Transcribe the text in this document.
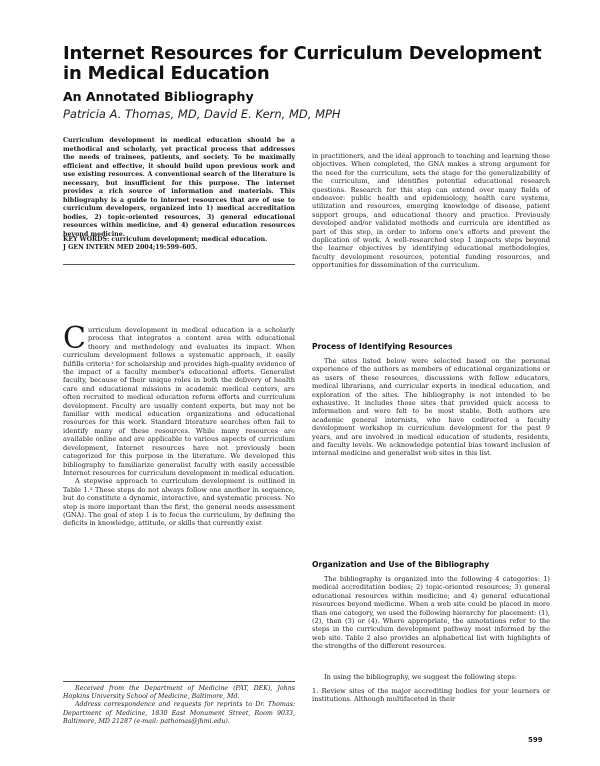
Internet Resources for Curriculum Development in Medical Education
An Annotated Bibliography
Patricia A. Thomas, MD, David E. Kern, MD, MPH

Curriculum development in medical education should be a methodical and scholarly, yet practical process that addresses the needs of trainees, patients, and society. To be maximally efficient and effective, it should build upon previous work and use existing resources. A conventional search of the literature is necessary, but insufficient for this purpose. The internet provides a rich source of information and materials. This bibliography is a guide to internet resources that are of use to curriculum developers, organized into 1) medical accreditation bodies, 2) topic-oriented resources, 3) general educational resources within medicine, and 4) general education resources beyond medicine.

KEY WORDS: curriculum development; medical education.

J GEN INTERN MED 2004;19:599–605.

Curriculum development in medical education is a scholarly process that integrates a content area with educational theory and methodology and evaluates its impact. When curriculum development follows a systematic approach, it easily fulfills criteria¹ for scholarship and provides high-quality evidence of the impact of a faculty member's educational efforts. Generalist faculty, because of their unique roles in both the delivery of health care and educational missions in academic medical centers, are often recruited to medical education reform efforts and curriculum development. Faculty are usually content experts, but may not be familiar with medical education organizations and educational resources for this work. Standard literature searches often fail to identify many of these resources. While many resources are available online and are applicable to various aspects of curriculum development, Internet resources have not previously been categorized for this purpose in the literature. We developed this bibliography to familiarize generalist faculty with easily accessible Internet resources for curriculum development in medical education.

A stepwise approach to curriculum development is outlined in Table 1.² These steps do not always follow one another in sequence, but do constitute a dynamic, interactive, and systematic process. No step is more important than the first, the general needs assessment (GNA). The goal of step 1 is to focus the curriculum, by defining the deficits in knowledge, attitude, or skills that currently exist

Received from the Department of Medicine (PAT, DEK), Johns Hopkins University School of Medicine, Baltimore, Md.

Address correspondence and requests for reprints to Dr. Thomas: Department of Medicine, 1830 East Monument Street, Room 9033, Baltimore, MD 21287 (e-mail: pathomas@jhmi.edu).

in practitioners, and the ideal approach to teaching and learning those objectives. When completed, the GNA makes a strong argument for the need for the curriculum, sets the stage for the generalizability of the curriculum, and identifies potential educational research questions. Research for this step can extend over many fields of endeavor: public health and epidemiology, health care systems, utilization and resources, emerging knowledge of disease, patient support groups, and educational theory and practice. Previously developed and/or validated methods and curricula are identified as part of this step, in order to inform one's efforts and prevent the duplication of work. A well-researched step 1 impacts steps beyond the learner objectives by identifying educational methodologies, faculty development resources, potential funding resources, and opportunities for dissemination of the curriculum.
Process of Identifying Resources
The sites listed below were selected based on the personal experience of the authors as members of educational organizations or as users of these resources, discussions with fellow educators, medical librarians, and curricular experts in medical education, and exploration of the sites. The bibliography is not intended to be exhaustive. It includes those sites that provided quick access to information and were felt to be most stable. Both authors are academic general internists, who have codirected a faculty development workshop in curriculum development for the past 9 years, and are involved in medical education of students, residents, and faculty levels. We acknowledge potential bias toward inclusion of internal medicine and generalist web sites in this list.
Organization and Use of the Bibliography
The bibliography is organized into the following 4 categories: 1) medical accreditation bodies; 2) topic-oriented resources; 3) general educational resources within medicine; and 4) general educational resources beyond medicine. When a web site could be placed in more than one category, we used the following hierarchy for placement: (1), (2), then (3) or (4). Where appropriate, the annotations refer to the steps in the curriculum development pathway most informed by the web site. Table 2 also provides an alphabetical list with highlights of the strengths of the different resources.
In using the bibliography, we suggest the following steps:
1. Review sites of the major accrediting bodies for your learners or institutions. Although multifaceted in their
599
